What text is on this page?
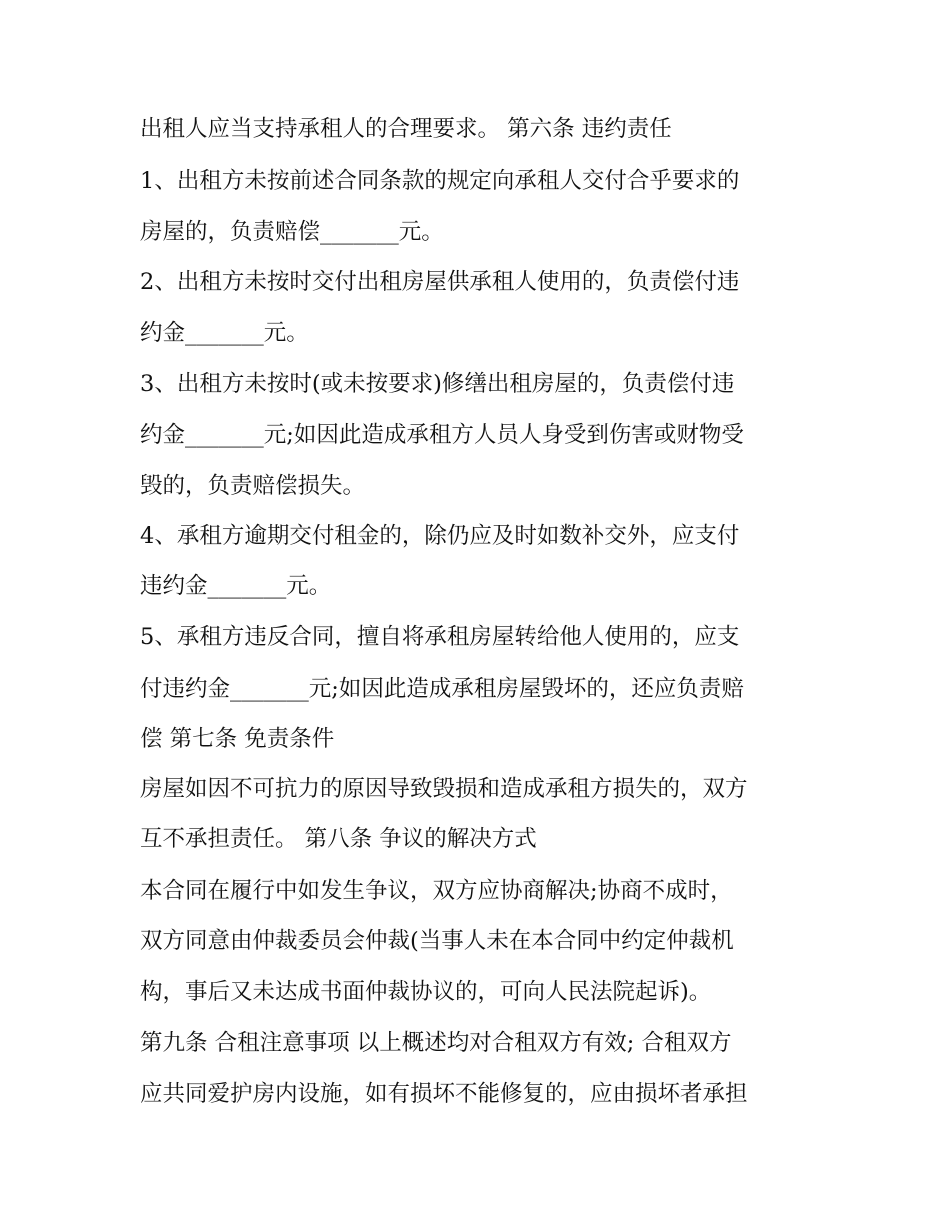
出租人应当支持承租人的合理要求。 第六条 违约责任

1、出租方未按前述合同条款的规定向承租人交付合乎要求的

房屋的，负责赔偿_______元。

2、出租方未按时交付出租房屋供承租人使用的，负责偿付违

约金_______元。

3、出租方未按时(或未按要求)修缮出租房屋的，负责偿付违

约金_______元;如因此造成承租方人员人身受到伤害或财物受

毁的，负责赔偿损失。

4、承租方逾期交付租金的，除仍应及时如数补交外，应支付

违约金_______元。

5、承租方违反合同，擅自将承租房屋转给他人使用的，应支

付违约金_______元;如因此造成承租房屋毁坏的，还应负责赔

偿 第七条 免责条件

房屋如因不可抗力的原因导致毁损和造成承租方损失的，双方

互不承担责任。 第八条 争议的解决方式

本合同在履行中如发生争议，双方应协商解决;协商不成时，

双方同意由仲裁委员会仲裁(当事人未在本合同中约定仲裁机

构，事后又未达成书面仲裁协议的，可向人民法院起诉)。

第九条 合租注意事项 以上概述均对合租双方有效; 合租双方

应共同爱护房内设施，如有损坏不能修复的，应由损坏者承担
